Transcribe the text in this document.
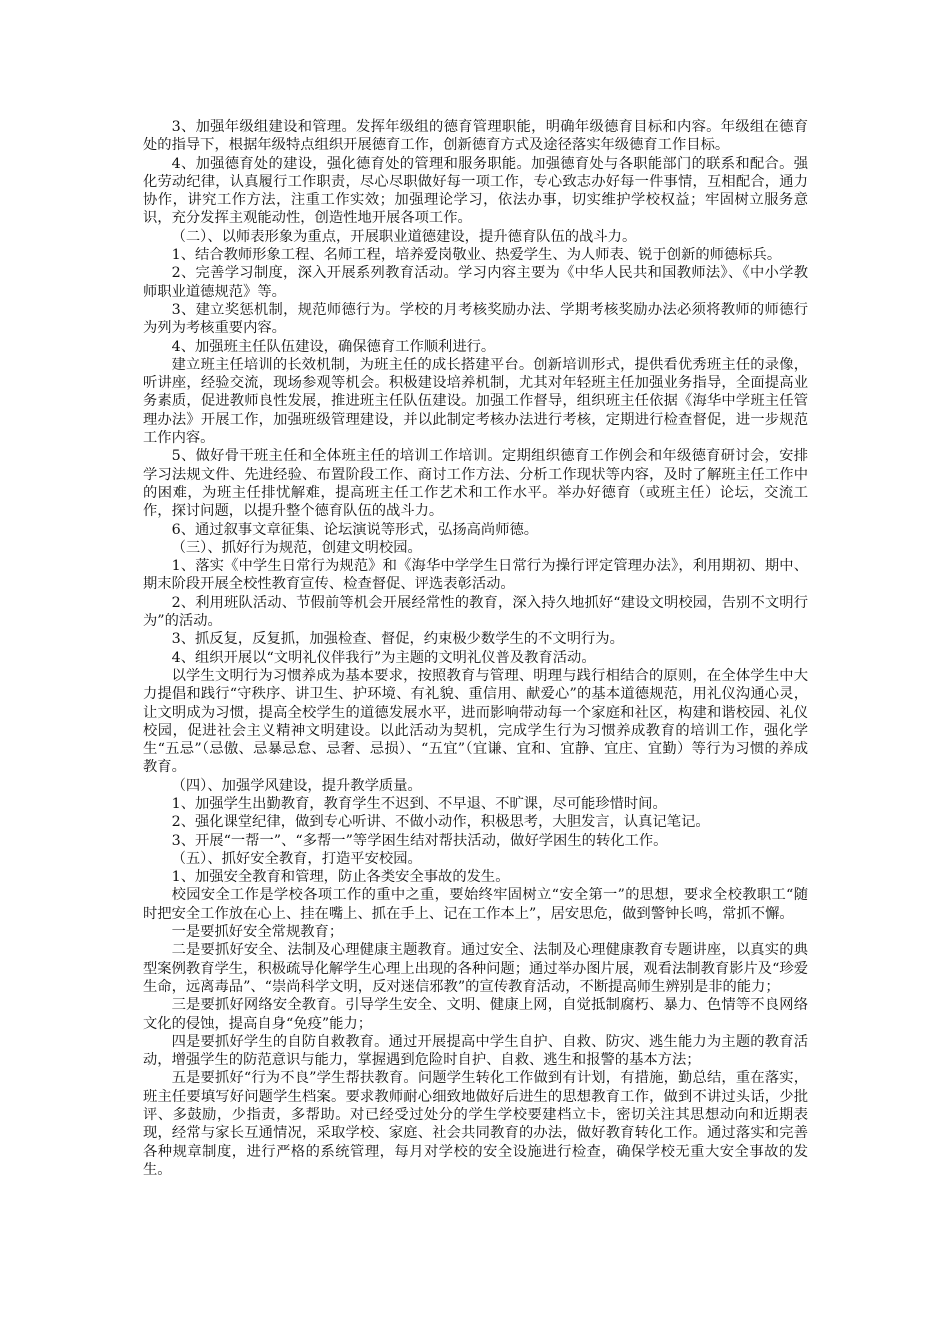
3、加强年级组建设和管理。发挥年级组的德育管理职能，明确年级德育目标和内容。年级组在德育处的指导下，根据年级特点组织开展德育工作，创新德育方式及途径落实年级德育工作目标。

4、加强德育处的建设，强化德育处的管理和服务职能。加强德育处与各职能部门的联系和配合。强化劳动纪律，认真履行工作职责，尽心尽职做好每一项工作，专心致志办好每一件事情，互相配合，通力协作，讲究工作方法，注重工作实效；加强理论学习，依法办事，切实维护学校权益；牢固树立服务意识，充分发挥主观能动性，创造性地开展各项工作。

（二）、以师表形象为重点，开展职业道德建设，提升德育队伍的战斗力。

1、结合教师形象工程、名师工程，培养爱岗敬业、热爱学生、为人师表、锐于创新的师德标兵。

2、完善学习制度，深入开展系列教育活动。学习内容主要为《中华人民共和国教师法》、《中小学教师职业道德规范》等。

3、建立奖惩机制，规范师德行为。学校的月考核奖励办法、学期考核奖励办法必须将教师的师德行为列为考核重要内容。

4、加强班主任队伍建设，确保德育工作顺利进行。

建立班主任培训的长效机制，为班主任的成长搭建平台。创新培训形式，提供看优秀班主任的录像，听讲座，经验交流，现场参观等机会。积极建设培养机制，尤其对年轻班主任加强业务指导，全面提高业务素质，促进教师良性发展，推进班主任队伍建设。加强工作督导，组织班主任依据《海华中学班主任管理办法》开展工作，加强班级管理建设，并以此制定考核办法进行考核，定期进行检查督促，进一步规范工作内容。

5、做好骨干班主任和全体班主任的培训工作培训。定期组织德育工作例会和年级德育研讨会，安排学习法规文件、先进经验、布置阶段工作、商讨工作方法、分析工作现状等内容，及时了解班主任工作中的困难，为班主任排忧解难，提高班主任工作艺术和工作水平。举办好德育（或班主任）论坛，交流工作，探讨问题，以提升整个德育队伍的战斗力。

6、通过叙事文章征集、论坛演说等形式，弘扬高尚师德。

（三）、抓好行为规范，创建文明校园。

1、落实《中学生日常行为规范》和《海华中学学生日常行为操行评定管理办法》，利用期初、期中、期末阶段开展全校性教育宣传、检查督促、评选表彰活动。

2、利用班队活动、节假前等机会开展经常性的教育，深入持久地抓好“建设文明校园，告别不文明行为”的活动。

3、抓反复，反复抓，加强检查、督促，约束极少数学生的不文明行为。

4、组织开展以“文明礼仪伴我行”为主题的文明礼仪普及教育活动。

以学生文明行为习惯养成为基本要求，按照教育与管理、明理与践行相结合的原则，在全体学生中大力提倡和践行“守秩序、讲卫生、护环境、有礼貌、重信用、献爱心”的基本道德规范，用礼仪沟通心灵，让文明成为习惯，提高全校学生的道德发展水平，进而影响带动每一个家庭和社区，构建和谐校园、礼仪校园，促进社会主义精神文明建设。以此活动为契机，完成学生行为习惯养成教育的培训工作，强化学生“五忌”（忌傲、忌暴忌怠、忌奢、忌损）、“五宜”（宜谦、宜和、宜静、宜庄、宜勤）等行为习惯的养成教育。

（四）、加强学风建设，提升教学质量。

1、加强学生出勤教育，教育学生不迟到、不早退、不旷课，尽可能珍惜时间。

2、强化课堂纪律，做到专心听讲、不做小动作，积极思考，大胆发言，认真记笔记。

3、开展“一帮一”、“多帮一”等学困生结对帮扶活动，做好学困生的转化工作。

（五）、抓好安全教育，打造平安校园。

1、加强安全教育和管理，防止各类安全事故的发生。

校园安全工作是学校各项工作的重中之重，要始终牢固树立“安全第一”的思想，要求全校教职工“随时把安全工作放在心上、挂在嘴上、抓在手上、记在工作本上”，居安思危，做到警钟长鸣，常抓不懈。

一是要抓好安全常规教育；

二是要抓好安全、法制及心理健康主题教育。通过安全、法制及心理健康教育专题讲座，以真实的典型案例教育学生，积极疏导化解学生心理上出现的各种问题；通过举办图片展，观看法制教育影片及“珍爱生命，远离毒品”、“崇尚科学文明，反对迷信邪教”的宣传教育活动，不断提高师生辨别是非的能力；

三是要抓好网络安全教育。引导学生安全、文明、健康上网，自觉抵制腐朽、暴力、色情等不良网络文化的侵蚀，提高自身“免疫”能力；

四是要抓好学生的自防自救教育。通过开展提高中学生自护、自救、防灾、逃生能力为主题的教育活动，增强学生的防范意识与能力，掌握遇到危险时自护、自救、逃生和报警的基本方法；

五是要抓好“行为不良”学生帮扶教育。问题学生转化工作做到有计划，有措施，勤总结，重在落实，班主任要填写好问题学生档案。要求教师耐心细致地做好后进生的思想教育工作，做到不讲过头话，少批评、多鼓励，少指责，多帮助。对已经受过处分的学生学校要建档立卡，密切关注其思想动向和近期表现，经常与家长互通情况，采取学校、家庭、社会共同教育的办法，做好教育转化工作。通过落实和完善各种规章制度，进行严格的系统管理，每月对学校的安全设施进行检查，确保学校无重大安全事故的发生。
